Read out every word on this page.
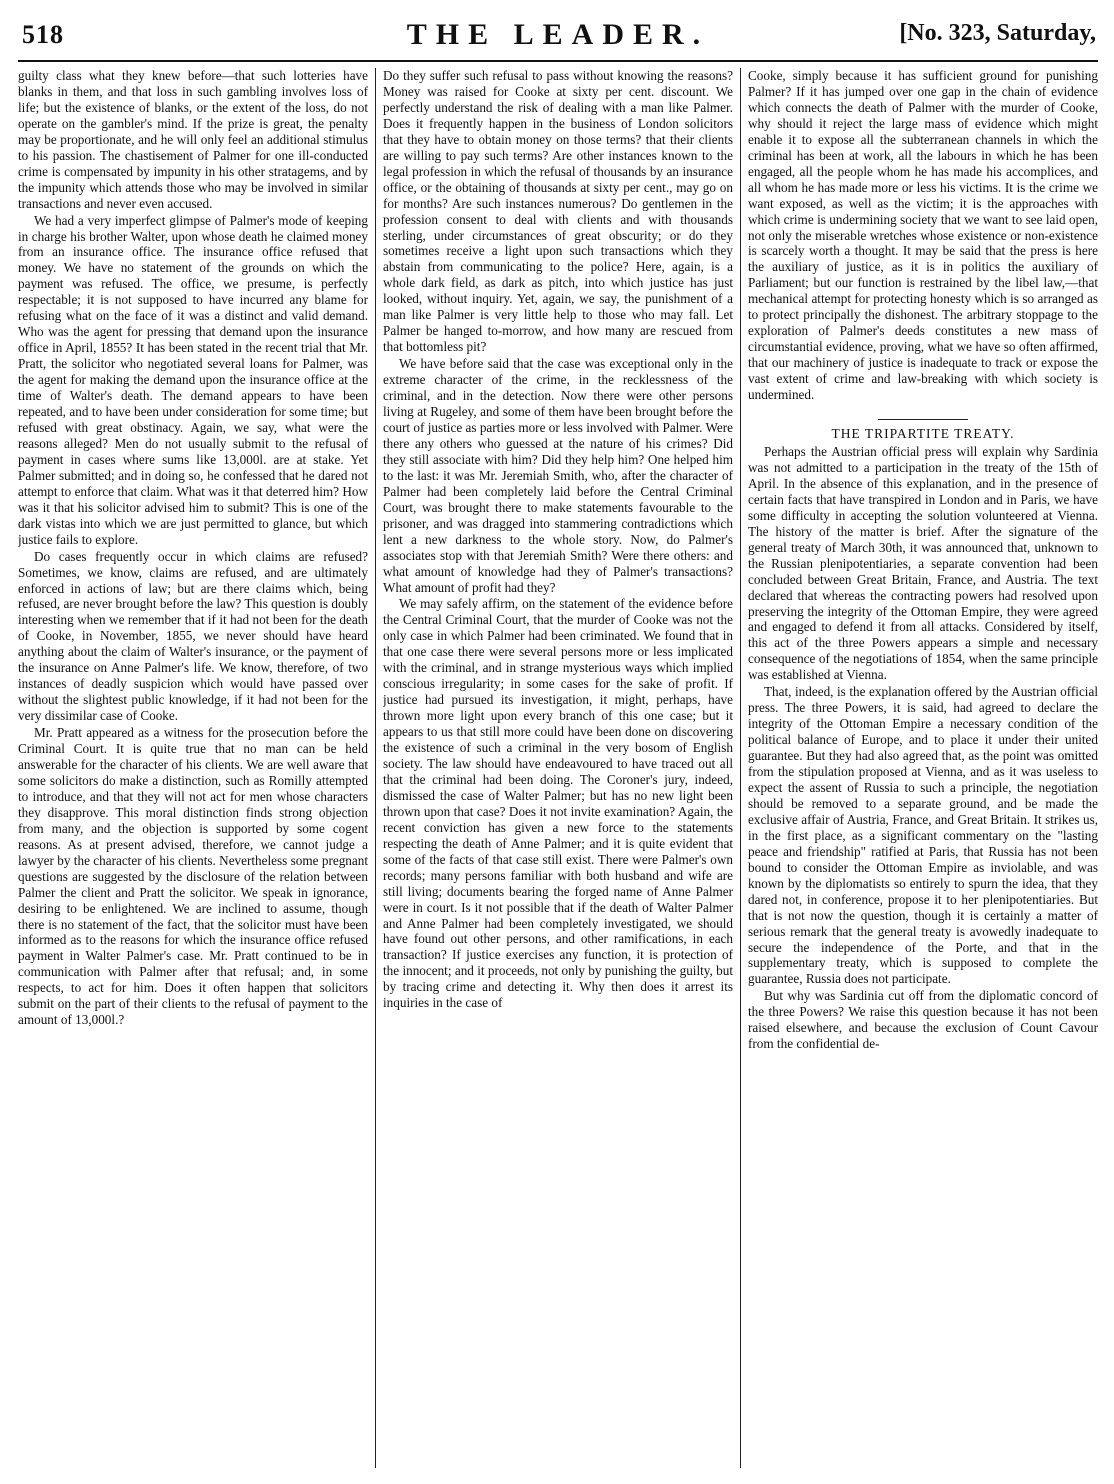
518	THE LEADER.	[No. 323, Saturday,

guilty class what they knew before—that such lotteries have blanks in them, and that loss in such gambling involves loss of life; but the existence of blanks, or the extent of the loss, do not operate on the gambler's mind. If the prize is great, the penalty may be proportionate, and he will only feel an additional stimulus to his passion. The chastisement of Palmer for one ill-conducted crime is compensated by impunity in his other stratagems, and by the impunity which attends those who may be involved in similar transactions and never even accused.

We had a very imperfect glimpse of Palmer's mode of keeping in charge his brother Walter, upon whose death he claimed money from an insurance office. The insurance office refused that money. We have no statement of the grounds on which the payment was refused. The office, we presume, is perfectly respectable; it is not supposed to have incurred any blame for refusing what on the face of it was a distinct and valid demand. Who was the agent for pressing that demand upon the insurance office in April, 1855? It has been stated in the recent trial that Mr. Pratt, the solicitor who negotiated several loans for Palmer, was the agent for making the demand upon the insurance office at the time of Walter's death. The demand appears to have been repeated, and to have been under consideration for some time; but refused with great obstinacy. Again, we say, what were the reasons alleged? Men do not usually submit to the refusal of payment in cases where sums like 13,000l. are at stake. Yet Palmer submitted; and in doing so, he confessed that he dared not attempt to enforce that claim. What was it that deterred him? How was it that his solicitor advised him to submit? This is one of the dark vistas into which we are just permitted to glance, but which justice fails to explore.

Do cases frequently occur in which claims are refused? Sometimes, we know, claims are refused, and are ultimately enforced in actions of law; but are there claims which, being refused, are never brought before the law? This question is doubly interesting when we remember that if it had not been for the death of Cooke, in November, 1855, we never should have heard anything about the claim of Walter's insurance, or the payment of the insurance on Anne Palmer's life. We know, therefore, of two instances of deadly suspicion which would have passed over without the slightest public knowledge, if it had not been for the very dissimilar case of Cooke.

Mr. Pratt appeared as a witness for the prosecution before the Criminal Court. It is quite true that no man can be held answerable for the character of his clients. We are well aware that some solicitors do make a distinction, such as Romilly attempted to introduce, and that they will not act for men whose characters they disapprove. This moral distinction finds strong objection from many, and the objection is supported by some cogent reasons. As at present advised, therefore, we cannot judge a lawyer by the character of his clients. Nevertheless some pregnant questions are suggested by the disclosure of the relation between Palmer the client and Pratt the solicitor. We speak in ignorance, desiring to be enlightened. We are inclined to assume, though there is no statement of the fact, that the solicitor must have been informed as to the reasons for which the insurance office refused payment in Walter Palmer's case. Mr. Pratt continued to be in communication with Palmer after that refusal; and, in some respects, to act for him. Does it often happen that solicitors submit on the part of their clients to the refusal of payment to the amount of 13,000l.?

Do they suffer such refusal to pass without knowing the reasons? Money was raised for Cooke at sixty per cent. discount. We perfectly understand the risk of dealing with a man like Palmer. Does it frequently happen in the business of London solicitors that they have to obtain money on those terms? that their clients are willing to pay such terms? Are other instances known to the legal profession in which the refusal of thousands by an insurance office, or the obtaining of thousands at sixty per cent., may go on for months? Are such instances numerous? Do gentlemen in the profession consent to deal with clients and with thousands sterling, under circumstances of great obscurity; or do they sometimes receive a light upon such transactions which they abstain from communicating to the police? Here, again, is a whole dark field, as dark as pitch, into which justice has just looked, without inquiry. Yet, again, we say, the punishment of a man like Palmer is very little help to those who may fall. Let Palmer be hanged to-morrow, and how many are rescued from that bottomless pit?

We have before said that the case was exceptional only in the extreme character of the crime, in the recklessness of the criminal, and in the detection. Now there were other persons living at Rugeley, and some of them have been brought before the court of justice as parties more or less involved with Palmer. Were there any others who guessed at the nature of his crimes? Did they still associate with him? Did they help him? One helped him to the last: it was Mr. Jeremiah Smith, who, after the character of Palmer had been completely laid before the Central Criminal Court, was brought there to make statements favourable to the prisoner, and was dragged into stammering contradictions which lent a new darkness to the whole story. Now, do Palmer's associates stop with that Jeremiah Smith? Were there others: and what amount of knowledge had they of Palmer's transactions? What amount of profit had they?

We may safely affirm, on the statement of the evidence before the Central Criminal Court, that the murder of Cooke was not the only case in which Palmer had been criminated. We found that in that one case there were several persons more or less implicated with the criminal, and in strange mysterious ways which implied conscious irregularity; in some cases for the sake of profit. If justice had pursued its investigation, it might, perhaps, have thrown more light upon every branch of this one case; but it appears to us that still more could have been done on discovering the existence of such a criminal in the very bosom of English society. The law should have endeavoured to have traced out all that the criminal had been doing. The Coroner's jury, indeed, dismissed the case of Walter Palmer; but has no new light been thrown upon that case? Does it not invite examination? Again, the recent conviction has given a new force to the statements respecting the death of Anne Palmer; and it is quite evident that some of the facts of that case still exist. There were Palmer's own records; many persons familiar with both husband and wife are still living; documents bearing the forged name of Anne Palmer were in court. Is it not possible that if the death of Walter Palmer and Anne Palmer had been completely investigated, we should have found out other persons, and other ramifications, in each transaction? If justice exercises any function, it is protection of the innocent; and it proceeds, not only by punishing the guilty, but by tracing crime and detecting it. Why then does it arrest its inquiries in the case of

Cooke, simply because it has sufficient ground for punishing Palmer? If it has jumped over one gap in the chain of evidence which connects the death of Palmer with the murder of Cooke, why should it reject the large mass of evidence which might enable it to expose all the subterranean channels in which the criminal has been at work, all the labours in which he has been engaged, all the people whom he has made his accomplices, and all whom he has made more or less his victims. It is the crime we want exposed, as well as the victim; it is the approaches with which crime is undermining society that we want to see laid open, not only the miserable wretches whose existence or non-existence is scarcely worth a thought. It may be said that the press is here the auxiliary of justice, as it is in politics the auxiliary of Parliament; but our function is restrained by the libel law,—that mechanical attempt for protecting honesty which is so arranged as to protect principally the dishonest. The arbitrary stoppage to the exploration of Palmer's deeds constitutes a new mass of circumstantial evidence, proving, what we have so often affirmed, that our machinery of justice is inadequate to track or expose the vast extent of crime and law-breaking with which society is undermined.

THE TRIPARTITE TREATY.

Perhaps the Austrian official press will explain why Sardinia was not admitted to a participation in the treaty of the 15th of April. In the absence of this explanation, and in the presence of certain facts that have transpired in London and in Paris, we have some difficulty in accepting the solution volunteered at Vienna. The history of the matter is brief. After the signature of the general treaty of March 30th, it was announced that, unknown to the Russian plenipotentiaries, a separate convention had been concluded between Great Britain, France, and Austria. The text declared that whereas the contracting powers had resolved upon preserving the integrity of the Ottoman Empire, they were agreed and engaged to defend it from all attacks. Considered by itself, this act of the three Powers appears a simple and necessary consequence of the negotiations of 1854, when the same principle was established at Vienna.

That, indeed, is the explanation offered by the Austrian official press. The three Powers, it is said, had agreed to declare the integrity of the Ottoman Empire a necessary condition of the political balance of Europe, and to place it under their united guarantee. But they had also agreed that, as the point was omitted from the stipulation proposed at Vienna, and as it was useless to expect the assent of Russia to such a principle, the negotiation should be removed to a separate ground, and be made the exclusive affair of Austria, France, and Great Britain. It strikes us, in the first place, as a significant commentary on the "lasting peace and friendship" ratified at Paris, that Russia has not been bound to consider the Ottoman Empire as inviolable, and was known by the diplomatists so entirely to spurn the idea, that they dared not, in conference, propose it to her plenipotentiaries. But that is not now the question, though it is certainly a matter of serious remark that the general treaty is avowedly inadequate to secure the independence of the Porte, and that in the supplementary treaty, which is supposed to complete the guarantee, Russia does not participate.

But why was Sardinia cut off from the diplomatic concord of the three Powers? We raise this question because it has not been raised elsewhere, and because the exclusion of Count Cavour from the confidential de-
